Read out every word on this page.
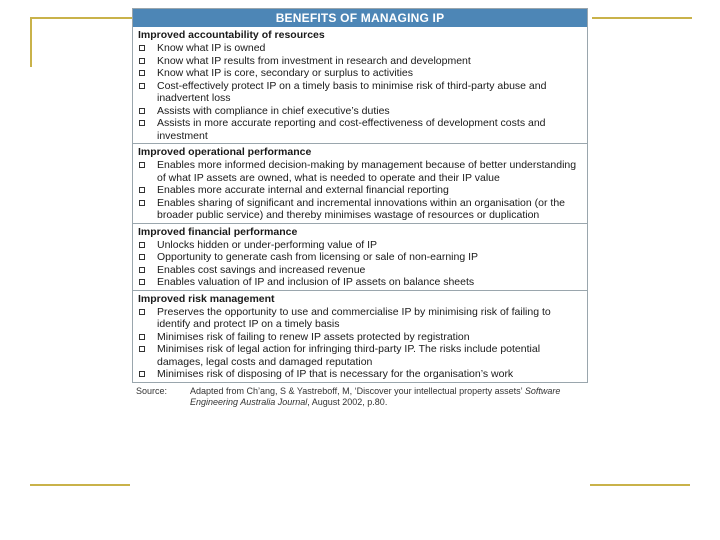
BENEFITS OF MANAGING IP
Improved accountability of resources
Know what IP is owned
Know what IP results from investment in research and development
Know what IP is core, secondary or surplus to activities
Cost-effectively protect IP on a timely basis to minimise risk of third-party abuse and inadvertent loss
Assists with compliance in chief executive’s duties
Assists in more accurate reporting and cost-effectiveness of development costs and investment
Improved operational performance
Enables more informed decision-making by management because of better understanding of what IP assets are owned, what is needed to operate and their IP value
Enables more accurate internal and external financial reporting
Enables sharing of significant and incremental innovations within an organisation (or the broader public service) and thereby minimises wastage of resources or duplication
Improved financial performance
Unlocks hidden or under-performing value of IP
Opportunity to generate cash from licensing or sale of non-earning IP
Enables cost savings and increased revenue
Enables valuation of IP and inclusion of IP assets on balance sheets
Improved risk management
Preserves the opportunity to use and commercialise IP by minimising risk of failing to identify and protect IP on a timely basis
Minimises risk of failing to renew IP assets protected by registration
Minimises risk of legal action for infringing third-party IP. The risks include potential damages, legal costs and damaged reputation
Minimises risk of disposing of IP that is necessary for the organisation’s work
Source:	Adapted from Ch’ang, S & Yastreboff, M, ‘Discover your intellectual property assets’ Software Engineering Australia Journal, August 2002, p.80.
